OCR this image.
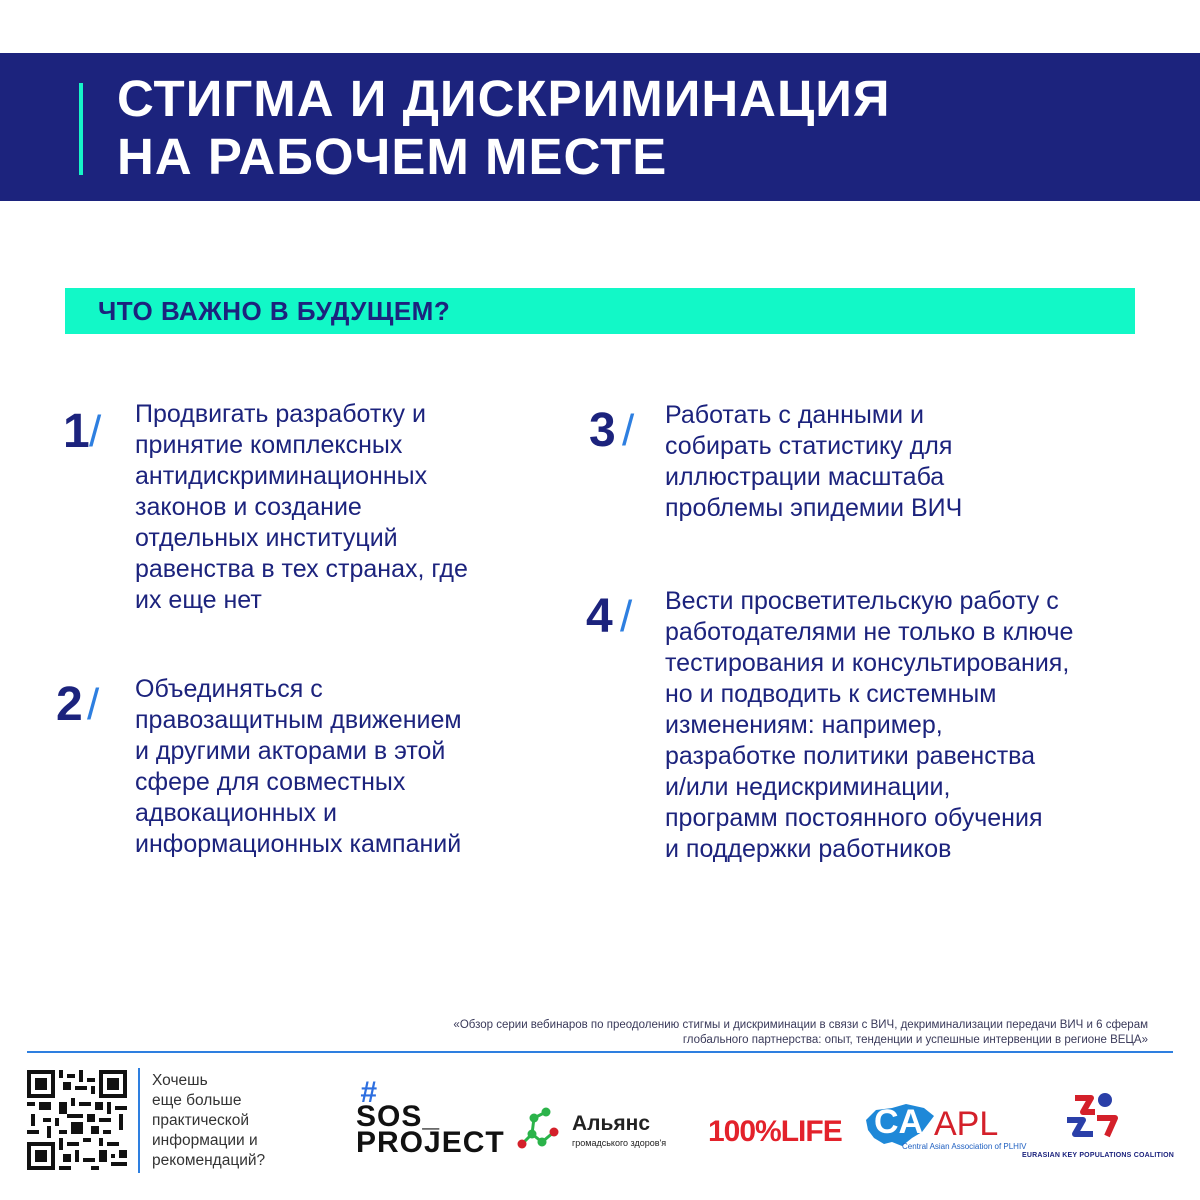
СТИГМА И ДИСКРИМИНАЦИЯ
НА РАБОЧЕМ МЕСТЕ
ЧТО ВАЖНО В БУДУЩЕМ?
1 / Продвигать разработку и
принятие комплексных
антидискриминационных
законов и создание
отдельных институций
равенства в тех странах, где
их еще нет
2 / Объединяться с
правозащитным движением
и другими акторами в этой
сфере для совместных
адвокационных и
информационных кампаний
3 / Работать с данными и
собирать статистику для
иллюстрации масштаба
проблемы эпидемии ВИЧ
4 / Вести просветительскую работу с
работодателями не только в ключе
тестирования и консультирования,
но и подводить к системным
изменениям: например,
разработке политики равенства
и/или недискриминации,
программ постоянного обучения
и поддержки работников
«Обзор серии вебинаров по преодолению стигмы и дискриминации в связи с ВИЧ, декриминализации передачи ВИЧ и 6 сферам
глобального партнерства: опыт, тенденции и успешные интервенции в регионе ВЕЦА»
Хочешь
еще больше
практической
информации и
рекомендаций?
#
SOS_
PROJECT
Альянс
громадського здоров'я 100%LIFE CA APL
Central Asian Association of PLHIV
EURASIAN KEY POPULATIONS COALITION
